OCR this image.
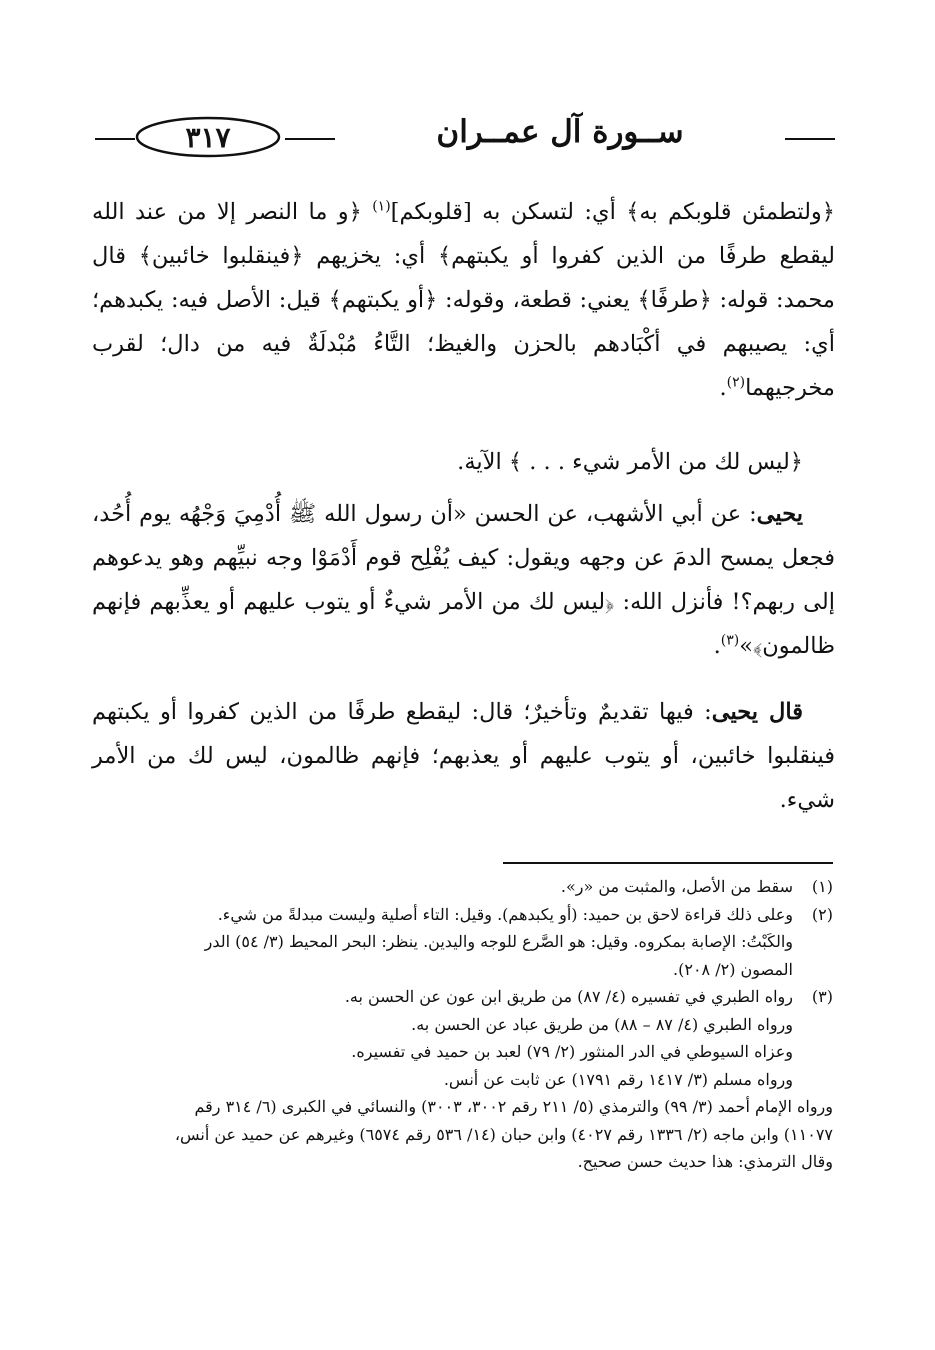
٣١٧	ســورة آل عمــران
﴿ولتطمئن قلوبكم به﴾ أي: لتسكن به [قلوبكم]$^{(١)}$ ﴿و ما النصر إلا من عند الله ليقطع طرفًا من الذين كفروا أو يكبتهم﴾ أي: يخزيهم ﴿فينقلبوا خائبين﴾ قال محمد: قوله: ﴿طرفًا﴾ يعني: قطعة، وقوله: ﴿أو يكبتهم﴾ قيل: الأصل فيه: يكبدهم؛ أي: يصيبهم في أكْبَادهم بالحزن والغيظ؛ التَّاءُ مُبْدلَةٌ فيه من دال؛ لقرب مخرجيهما$^{(٢)}$.
﴿ليس لك من الأمر شيء . . . ﴾ الآية.
يحيى: عن أبي الأشهب، عن الحسن «أن رسول الله ﷺ أُدْمِيَ وَجْهُه يوم أُحُد، فجعل يمسح الدمَ عن وجهه ويقول: كيف يُفْلِح قوم أَدْمَوْا وجه نبيِّهم وهو يدعوهم إلى ربهم؟! فأنزل الله: ﴿ليس لك من الأمر شيءٌ أو يتوب عليهم أو يعذِّبهم فإنهم ظالمون﴾»$^{(٣)}$.
قال يحيى: فيها تقديمٌ وتأخيرٌ؛ قال: ليقطع طرفًا من الذين كفروا أو يكبتهم فينقلبوا خائبين، أو يتوب عليهم أو يعذبهم؛ فإنهم ظالمون، ليس لك من الأمر شيء.
(١)
سقط من الأصل، والمثبت من «ر».
(٢)
وعلى ذلك قراءة لاحق بن حميد: (أو يكبدهم). وقيل: التاء أصلية وليست مبدلةً من شيء.
والكَبْتُ: الإصابة بمكروه. وقيل: هو الصَّرع للوجه واليدين. ينظر: البحر المحيط (٣/ ٥٤) الدر المصون (٢/ ٢٠٨).
(٣)
رواه الطبري في تفسيره (٤/ ٨٧) من طريق ابن عون عن الحسن به.
ورواه الطبري (٤/ ٨٧ – ٨٨) من طريق عباد عن الحسن به.
وعزاه السيوطي في الدر المنثور (٢/ ٧٩) لعبد بن حميد في تفسيره.
ورواه مسلم (٣/ ١٤١٧ رقم ١٧٩١) عن ثابت عن أنس.
ورواه الإمام أحمد (٣/ ٩٩) والترمذي (٥/ ٢١١ رقم ٣٠٠٢، ٣٠٠٣) والنسائي في الكبرى (٦/ ٣١٤ رقم ١١٠٧٧) وابن ماجه (٢/ ١٣٣٦ رقم ٤٠٢٧) وابن حبان (١٤/ ٥٣٦ رقم ٦٥٧٤) وغيرهم عن حميد عن أنس، وقال الترمذي: هذا حديث حسن صحيح.
